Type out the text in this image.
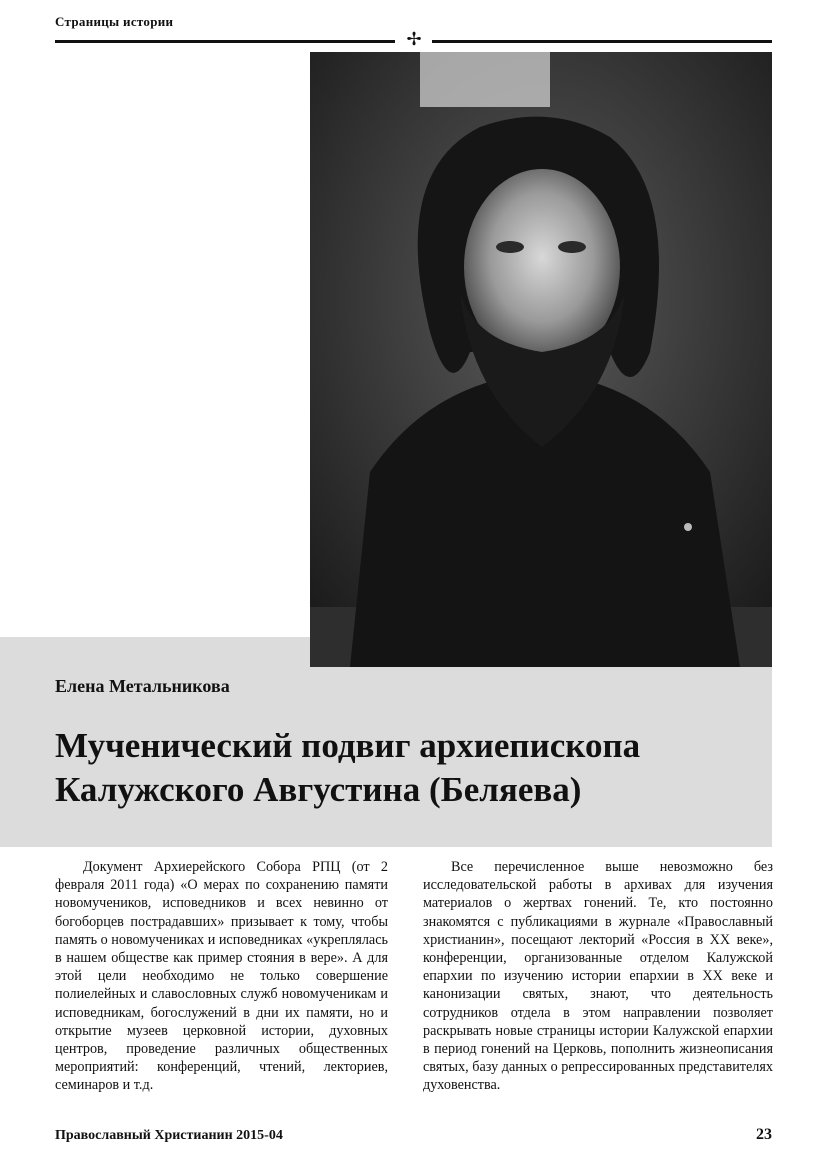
Страницы истории
✢
Елена Метальникова
Мученический подвиг архиепископа
Калужского Августина (Беляева)

Документ Архиерейского Собора РПЦ (от 2 февраля 2011 года) «О мерах по сохранению памяти новомучеников, исповедников и всех невинно от богоборцев пострадавших» призывает к тому, чтобы память о новомучениках и исповедниках «укреплялась в нашем обществе как пример стояния в вере». А для этой цели необходимо не только совершение полиелейных и славословных служб новомученикам и исповедникам, богослужений в дни их памяти, но и открытие музеев церковной истории, духовных центров, проведение различных общественных мероприятий: конференций, чтений, лекториев, семинаров и т.д.

Все перечисленное выше невозможно без исследовательской работы в архивах для изучения материалов о жертвах гонений. Те, кто постоянно знакомятся с публикациями в журнале «Православный христианин», посещают лекторий «Россия в XX веке», конференции, организованные отделом Калужской епархии по изучению истории епархии в XX веке и канонизации святых, знают, что деятельность сотрудников отдела в этом направлении позволяет раскрывать новые страницы истории Калужской епархии в период гонений на Церковь, пополнить жизнеописания святых, базу данных о репрессированных представителях духовенства.

Православный Христианин 2015-04	23
